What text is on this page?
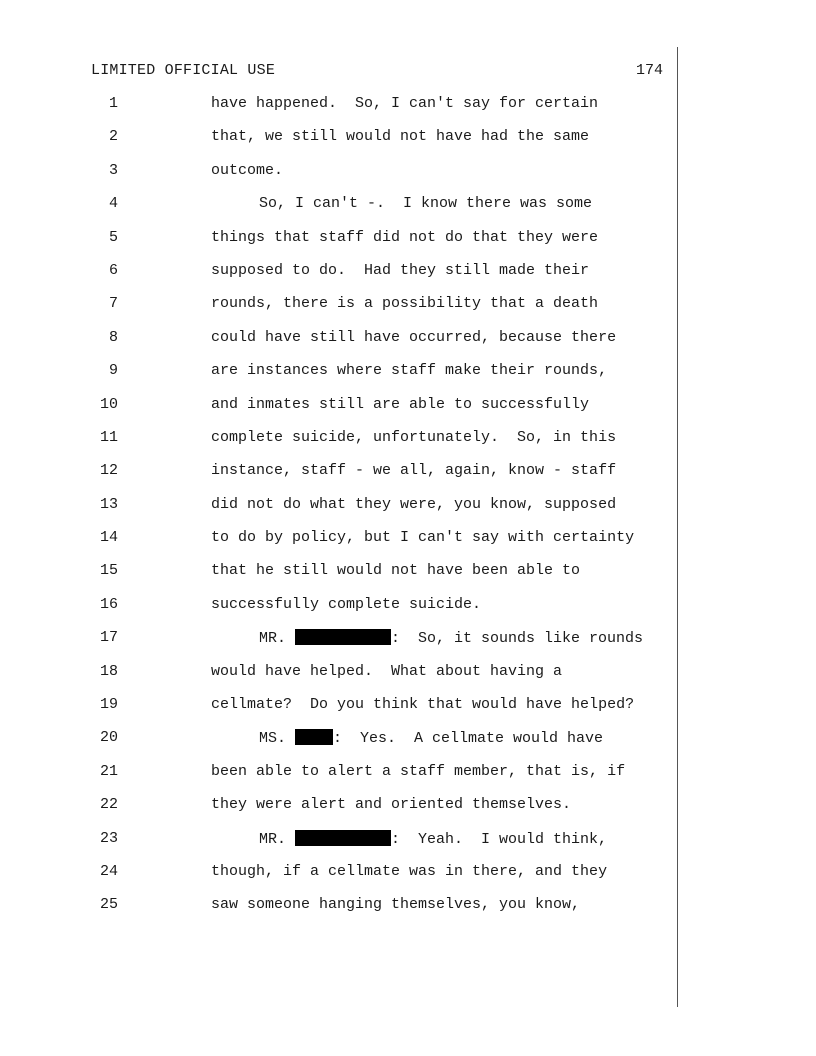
LIMITED OFFICIAL USE	174

1

	have happened.  So, I can't say for certain

2

	that, we still would not have had the same

3

	outcome.

4

	So, I can't -.  I know there was some

5

	things that staff did not do that they were

6

	supposed to do.  Had they still made their

7

	rounds, there is a possibility that a death

8

	could have still have occurred, because there

9

	are instances where staff make their rounds,

10

	and inmates still are able to successfully

11

	complete suicide, unfortunately.  So, in this

12

	instance, staff - we all, again, know - staff

13

	did not do what they were, you know, supposed

14

	to do by policy, but I can't say with certainty

15

	that he still would not have been able to

16

	successfully complete suicide.

17

	MR.	:  So, it sounds like rounds

18

	would have helped.  What about having a

19

	cellmate?  Do you think that would have helped?

20

	MS.	:  Yes.  A cellmate would have

21

	been able to alert a staff member, that is, if

22

	they were alert and oriented themselves.

23

	MR.	:  Yeah.  I would think,

24

	though, if a cellmate was in there, and they

25

	saw someone hanging themselves, you know,
